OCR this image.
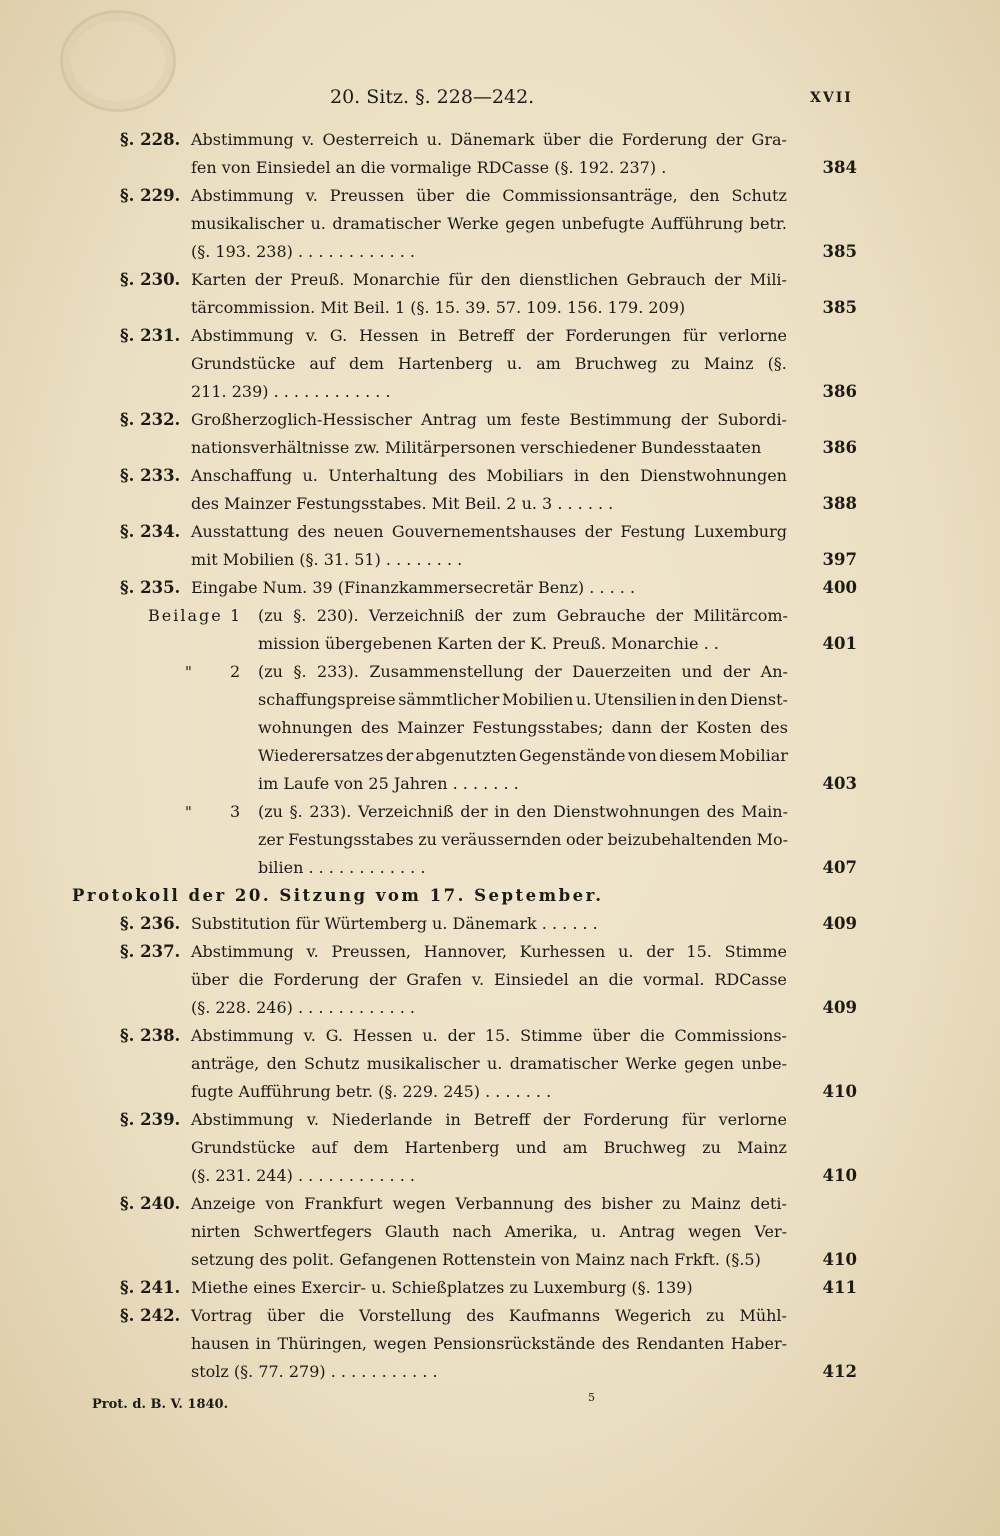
20. Sitz. §. 228—242.	XVII
§. 228. Abstimmung v. Oesterreich u. Dänemark über die Forderung der Gra-
fen von Einsiedel an die vormalige RDCasse (§. 192. 237) .	384
§. 229. Abstimmung v. Preussen über die Commissionsanträge, den Schutz
musikalischer u. dramatischer Werke gegen unbefugte Aufführung betr.
(§. 193. 238) . . . . . . . . . . . .	385
§. 230. Karten der Preuß. Monarchie für den dienstlichen Gebrauch der Mili-
tärcommission. Mit Beil. 1 (§. 15. 39. 57. 109. 156. 179. 209)	385
§. 231. Abstimmung v. G. Hessen in Betreff der Forderungen für verlorne
Grundstücke auf dem Hartenberg u. am Bruchweg zu Mainz (§.
211. 239) . . . . . . . . . . . .	386
§. 232. Großherzoglich-Hessischer Antrag um feste Bestimmung der Subordi-
nationsverhältnisse zw. Militärpersonen verschiedener Bundesstaaten	386
§. 233. Anschaffung u. Unterhaltung des Mobiliars in den Dienstwohnungen
des Mainzer Festungsstabes. Mit Beil. 2 u. 3 . . . . . .	388
§. 234. Ausstattung des neuen Gouvernementshauses der Festung Luxemburg
mit Mobilien (§. 31. 51) . . . . . . . .	397
§. 235. Eingabe Num. 39 (Finanzkammersecretär Benz) . . . . .	400
Beilage 1 (zu §. 230). Verzeichniß der zum Gebrauche der Militärcom-
mission übergebenen Karten der K. Preuß. Monarchie . .	401
" 2 (zu §. 233). Zusammenstellung der Dauerzeiten und der An-
schaffungspreise sämmtlicher Mobilien u. Utensilien in den Dienst-
wohnungen des Mainzer Festungsstabes; dann der Kosten des
Wiederersatzes der abgenutzten Gegenstände von diesem Mobiliar
im Laufe von 25 Jahren . . . . . . .	403
" 3 (zu §. 233). Verzeichniß der in den Dienstwohnungen des Main-
zer Festungsstabes zu veräussernden oder beizubehaltenden Mo-
bilien . . . . . . . . . . . .	407
Protokoll der 20. Sitzung vom 17. September.
§. 236. Substitution für Würtemberg u. Dänemark . . . . . .	409
§. 237. Abstimmung v. Preussen, Hannover, Kurhessen u. der 15. Stimme
über die Forderung der Grafen v. Einsiedel an die vormal. RDCasse
(§. 228. 246) . . . . . . . . . . . .	409
§. 238. Abstimmung v. G. Hessen u. der 15. Stimme über die Commissions-
anträge, den Schutz musikalischer u. dramatischer Werke gegen unbe-
fugte Aufführung betr. (§. 229. 245) . . . . . . .	410
§. 239. Abstimmung v. Niederlande in Betreff der Forderung für verlorne
Grundstücke auf dem Hartenberg und am Bruchweg zu Mainz
(§. 231. 244) . . . . . . . . . . . .	410
§. 240. Anzeige von Frankfurt wegen Verbannung des bisher zu Mainz deti-
nirten Schwertfegers Glauth nach Amerika, u. Antrag wegen Ver-
setzung des polit. Gefangenen Rottenstein von Mainz nach Frkft. (§.5)	410
§. 241. Miethe eines Exercir- u. Schießplatzes zu Luxemburg (§. 139)	411
§. 242. Vortrag über die Vorstellung des Kaufmanns Wegerich zu Mühl-
hausen in Thüringen, wegen Pensionsrückstände des Rendanten Haber-
stolz (§. 77. 279) . . . . . . . . . . .	412
Prot. d. B. V. 1840.	5
